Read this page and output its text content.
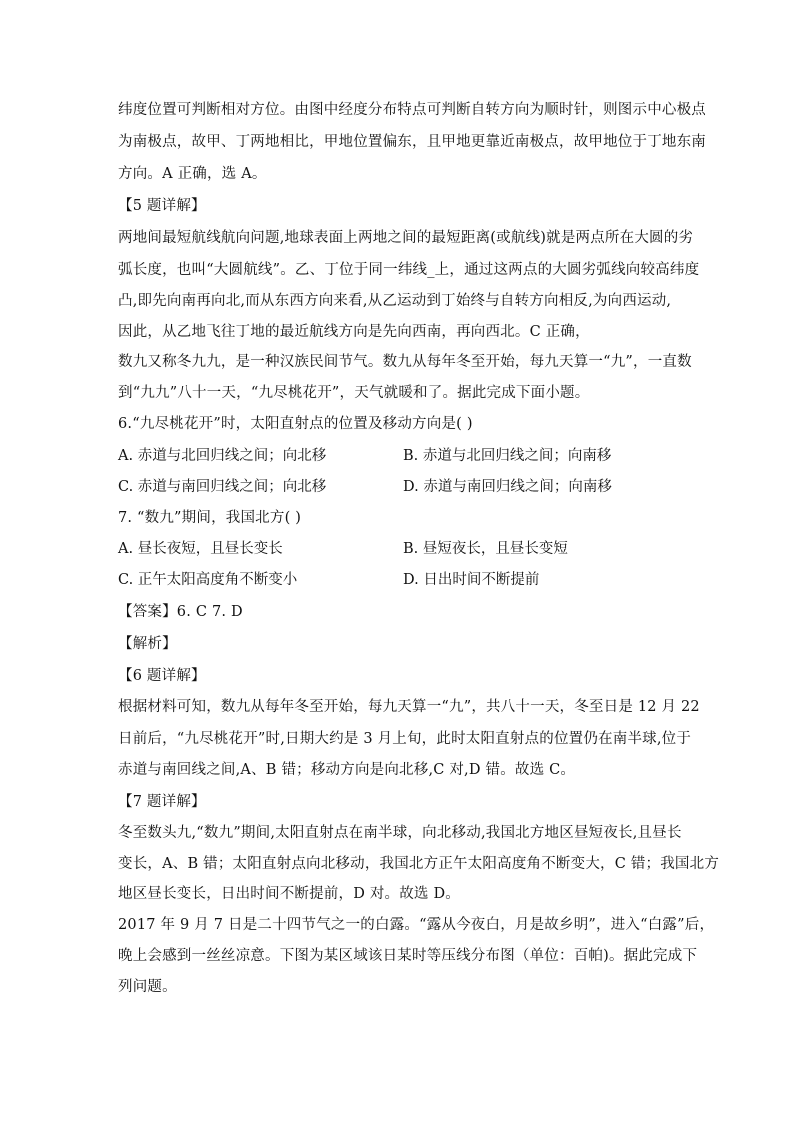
纬度位置可判断相对方位。由图中经度分布特点可判断自转方向为顺时针，则图示中心极点
为南极点，故甲、丁两地相比，甲地位置偏东，且甲地更靠近南极点，故甲地位于丁地东南
方向。A 正确，选 A。
【5 题详解】
两地间最短航线航向问题,地球表面上两地之间的最短距离(或航线)就是两点所在大圆的劣
弧长度，也叫“大圆航线”。乙、丁位于同一纬线_上，通过这两点的大圆劣弧线向较高纬度
凸,即先向南再向北,而从东西方向来看,从乙运动到丁始终与自转方向相反,为向西运动,
因此，从乙地飞往丁地的最近航线方向是先向西南，再向西北。C 正确，
数九又称冬九九，是一种汉族民间节气。数九从每年冬至开始，每九天算一“九”，一直数
到“九九”八十一天，“九尽桃花开”，天气就暖和了。据此完成下面小题。
6.“九尽桃花开”时，太阳直射点的位置及移动方向是( )
A. 赤道与北回归线之间；向北移	B. 赤道与北回归线之间；向南移
C. 赤道与南回归线之间；向北移	D. 赤道与南回归线之间；向南移
7. “数九”期间，我国北方( )
A. 昼长夜短，且昼长变长	B. 昼短夜长，且昼长变短
C. 正午太阳高度角不断变小	D. 日出时间不断提前
【答案】6. C 7. D
【解析】
【6 题详解】
根据材料可知，数九从每年冬至开始，每九天算一“九”，共八十一天，冬至日是 12 月 22
日前后，“九尽桃花开”时,日期大约是 3 月上旬，此时太阳直射点的位置仍在南半球,位于
赤道与南回线之间,A、B 错；移动方向是向北移,C 对,D 错。故选 C。
【7 题详解】
冬至数头九,“数九”期间,太阳直射点在南半球，向北移动,我国北方地区昼短夜长,且昼长
变长，A、B 错；太阳直射点向北移动，我国北方正午太阳高度角不断变大，C 错；我国北方
地区昼长变长，日出时间不断提前，D 对。故选 D。
2017 年 9 月 7 日是二十四节气之一的白露。“露从今夜白，月是故乡明”，进入“白露”后，
晚上会感到一丝丝凉意。下图为某区域该日某时等压线分布图（单位：百帕)。据此完成下
列问题。
